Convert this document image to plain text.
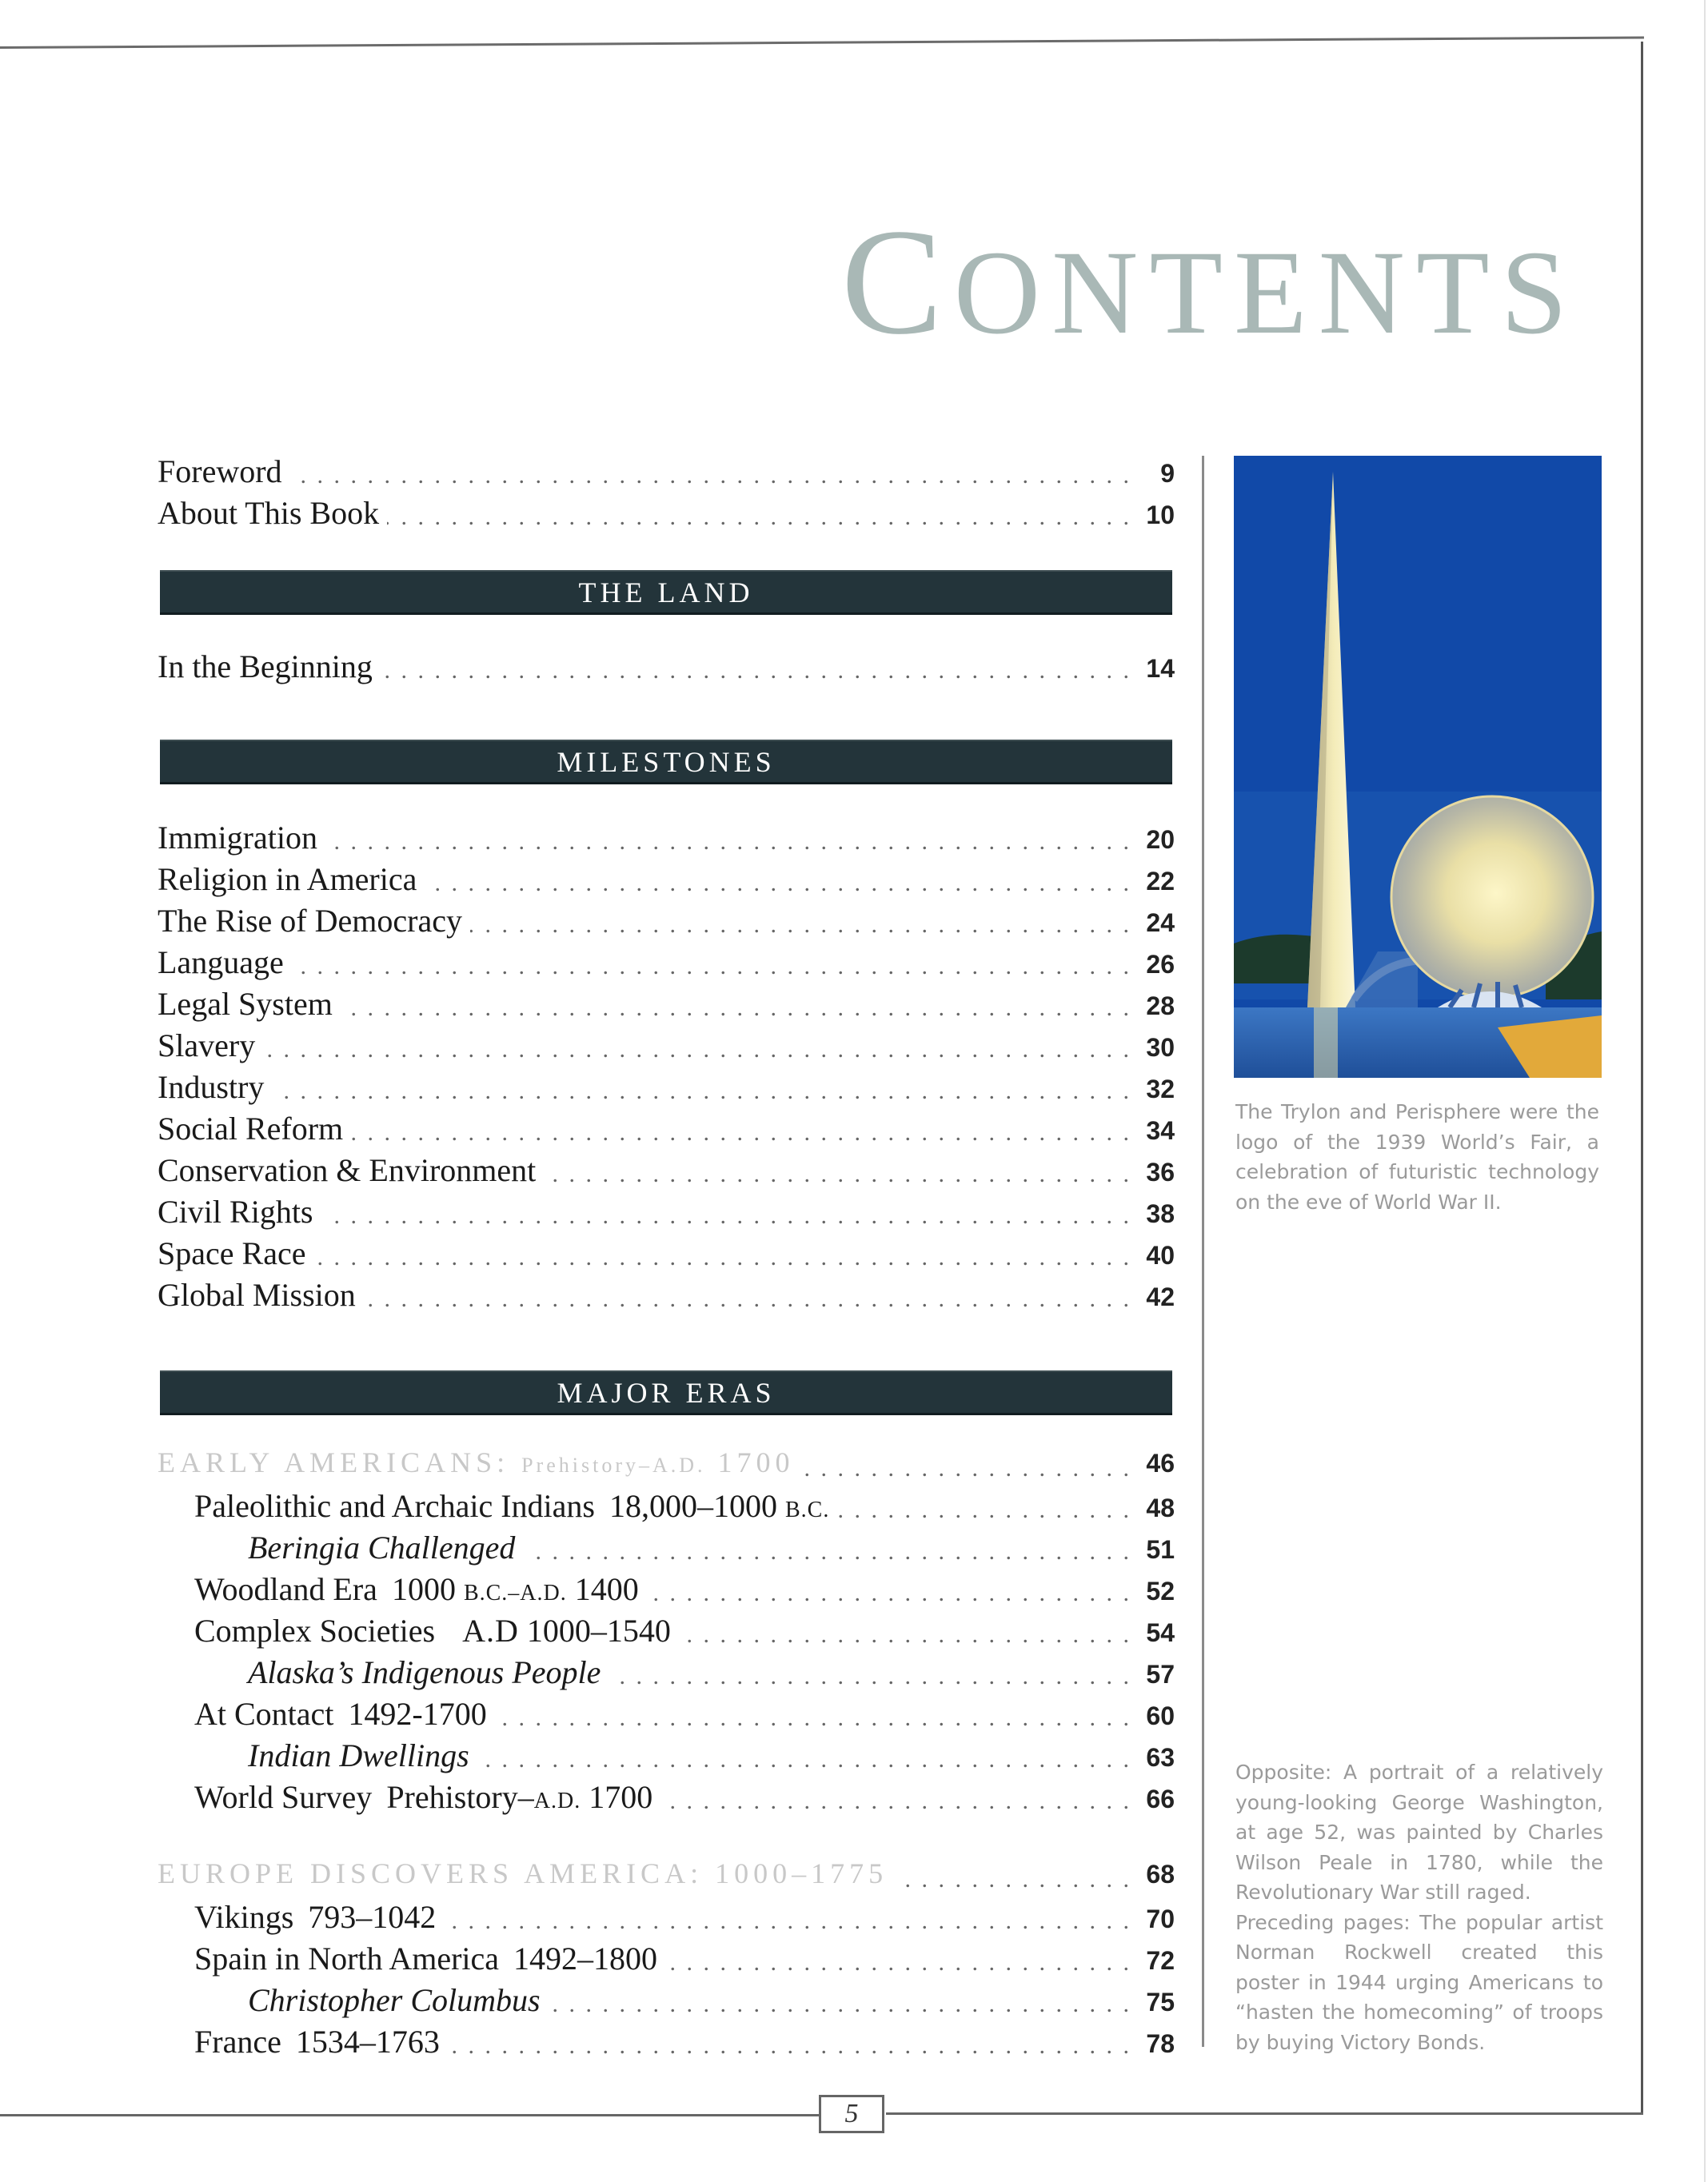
CONTENTS
Foreword . . .	9
About This Book . . .	10
THE LAND
In the Beginning . . .	14
MILESTONES
Immigration . . .	20
Religion in America . . .	22
The Rise of Democracy . . .	24
Language . . .	26
Legal System . . .	28
Slavery . . .	30
Industry . . .	32
Social Reform . . .	34
Conservation & Environment . . .	36
Civil Rights . . .	38
Space Race . . .	40
Global Mission . . .	42
MAJOR ERAS
EARLY AMERICANS: Prehistory–A.D. 1700 . . .	46
Paleolithic and Archaic Indians 18,000–1000 B.C. . . .	48
Beringia Challenged . . .	51
Woodland Era 1000 B.C.–A.D. 1400 . . .	52
Complex Societies A.D 1000–1540 . . .	54
Alaska’s Indigenous People . . .	57
At Contact 1492-1700 . . .	60
Indian Dwellings . . .	63
World Survey Prehistory–A.D. 1700 . . .	66
EUROPE DISCOVERS AMERICA: 1000–1775 . . .	68
Vikings 793–1042 . . .	70
Spain in North America 1492–1800 . . .	72
Christopher Columbus . . .	75
France 1534–1763 . . .	78
The Trylon and Perisphere were the logo of the 1939 World’s Fair, a celebration of futuristic technology on the eve of World War II.

Opposite: A portrait of a relatively young-looking George Washington, at age 52, was painted by Charles Wilson Peale in 1780, while the Revolutionary War still raged.

Preceding pages: The popular artist Norman Rockwell created this poster in 1944 urging Americans to “hasten the homecoming” of troops by buying Victory Bonds.

5
